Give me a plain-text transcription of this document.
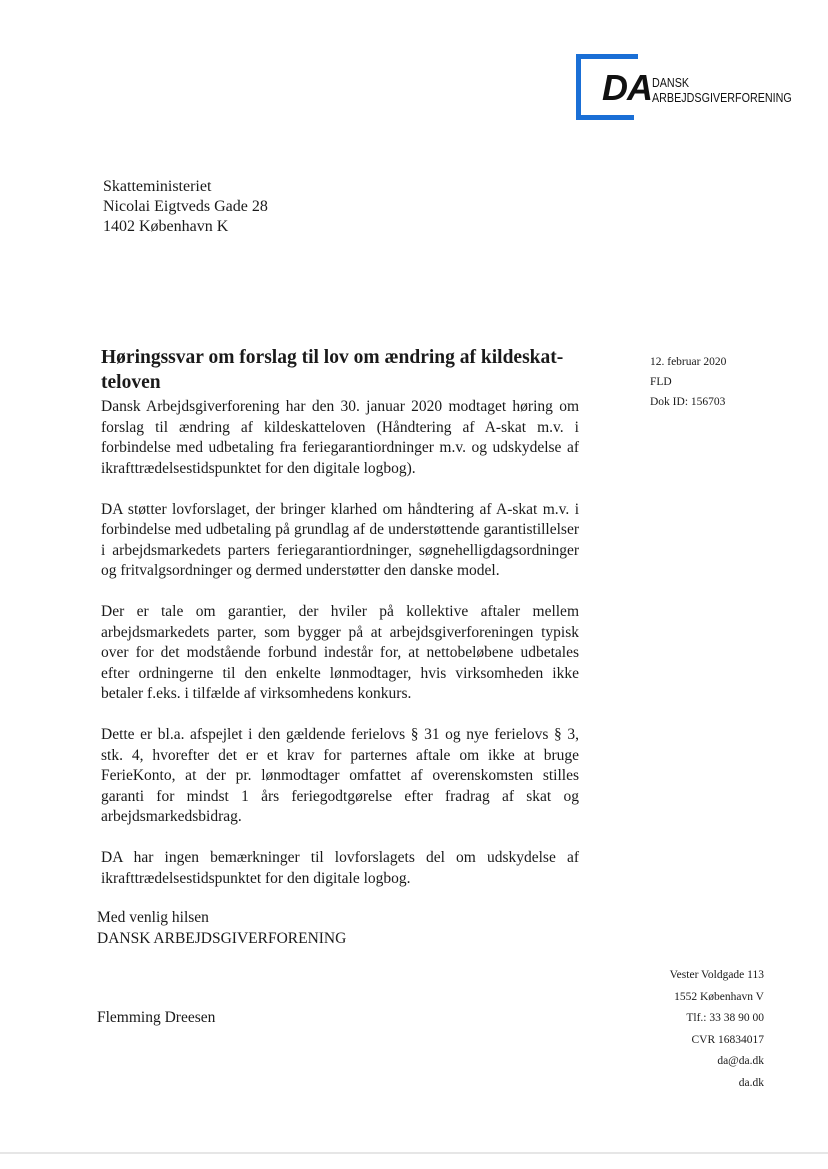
DA DANSK
ARBEJDSGIVERFORENING
Skatteministeriet
Nicolai Eigtveds Gade 28
1402 København K
12. februar 2020
FLD
Dok ID: 156703
Høringssvar om forslag til lov om ændring af kildeskatteloven

Dansk Arbejdsgiverforening har den 30. januar 2020 modtaget høring om forslag til ændring af kildeskatteloven (Håndtering af A-skat m.v. i forbindelse med udbetaling fra feriegarantiordninger m.v. og udskydelse af ikrafttrædelsestidspunktet for den digitale logbog).

DA støtter lovforslaget, der bringer klarhed om håndtering af A-skat m.v. i forbindelse med udbetaling på grundlag af de understøttende garantistillelser i arbejdsmarkedets parters feriegarantiordninger, søgnehelligdagsordninger og fritvalgsordninger og dermed understøtter den danske model.

Der er tale om garantier, der hviler på kollektive aftaler mellem arbejdsmarkedets parter, som bygger på at arbejdsgiverforeningen typisk over for det modstående forbund indestår for, at nettobeløbene udbetales efter ordningerne til den enkelte lønmodtager, hvis virksomheden ikke betaler f.eks. i tilfælde af virksomhedens konkurs.

Dette er bl.a. afspejlet i den gældende ferielovs § 31 og nye ferielovs § 3, stk. 4, hvorefter det er et krav for parternes aftale om ikke at bruge FerieKonto, at der pr. lønmodtager omfattet af overenskomsten stilles garanti for mindst 1 års feriegodtgørelse efter fradrag af skat og arbejdsmarkedsbidrag.

DA har ingen bemærkninger til lovforslagets del om udskydelse af ikrafttrædelsestidspunktet for den digitale logbog.

Med venlig hilsen
DANSK ARBEJDSGIVERFORENING
Flemming Dreesen
Vester Voldgade 113
1552 København V
Tlf.: 33 38 90 00
CVR 16834017
da@da.dk
da.dk
